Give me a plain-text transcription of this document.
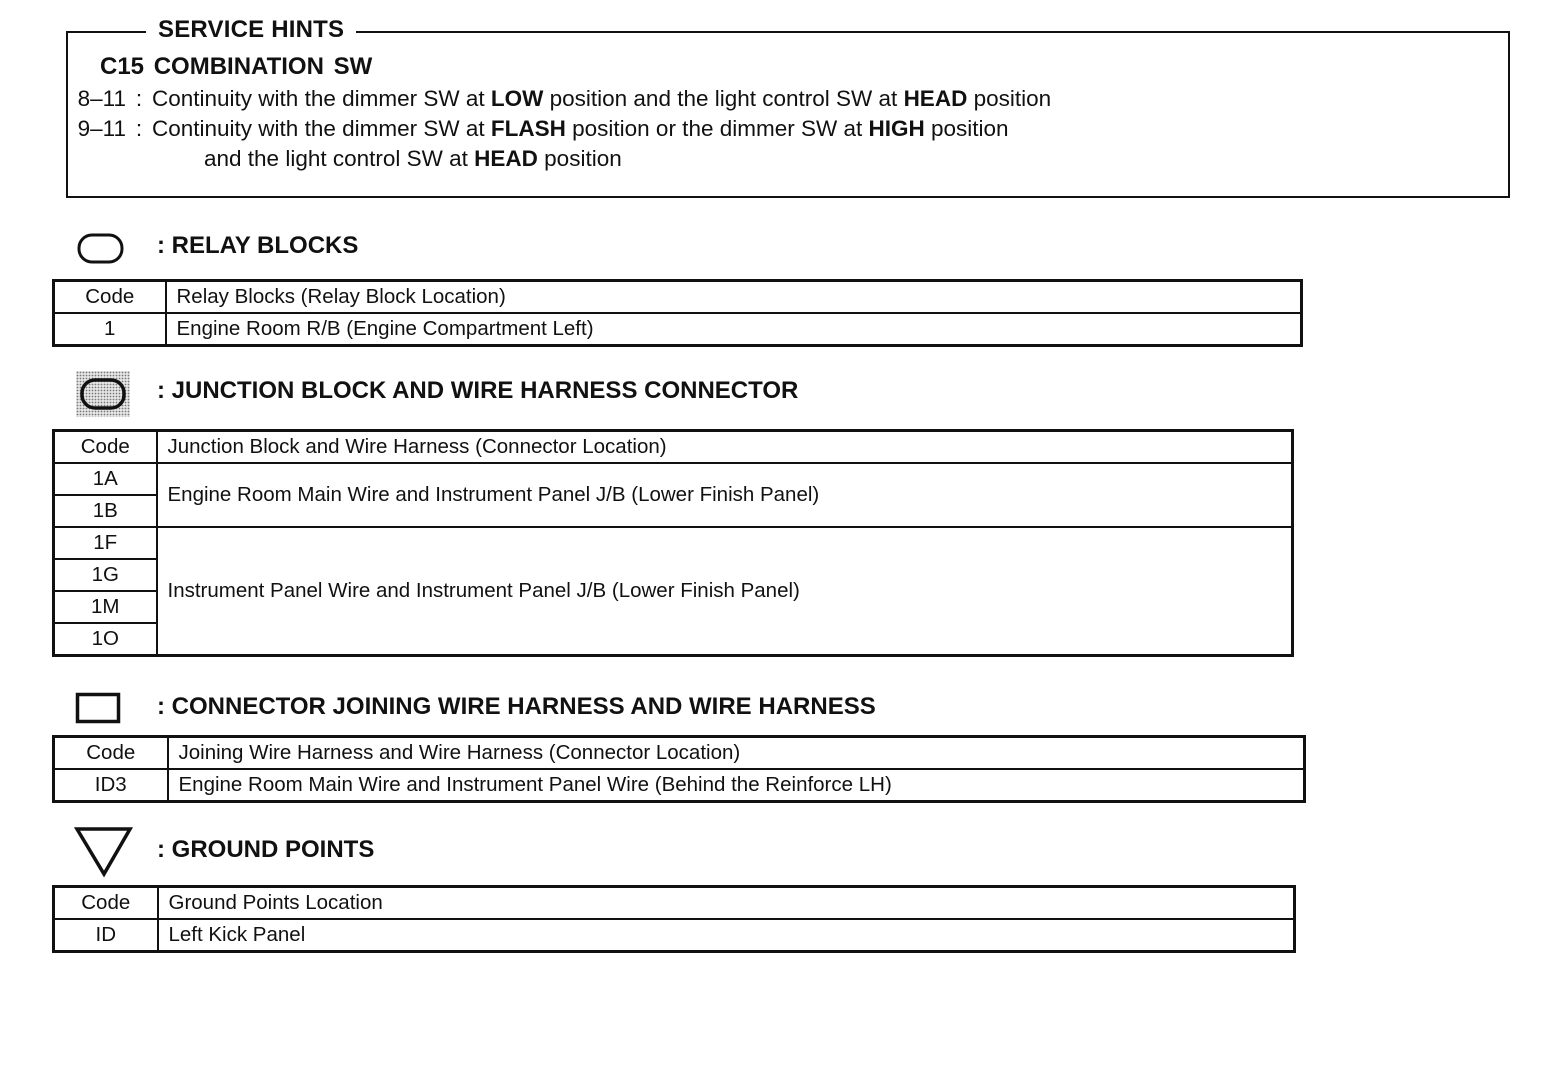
SERVICE HINTS
C15 COMBINATION SW
8–11 : Continuity with the dimmer SW at LOW position and the light control SW at HEAD position
9–11 : Continuity with the dimmer SW at FLASH position or the dimmer SW at HIGH position
and the light control SW at HEAD position
: RELAY BLOCKS
Code	Relay Blocks (Relay Block Location)
1	Engine Room R/B (Engine Compartment Left)
: JUNCTION BLOCK AND WIRE HARNESS CONNECTOR
Code	Junction Block and Wire Harness (Connector Location)
1A	Engine Room Main Wire and Instrument Panel J/B (Lower Finish Panel)
1B	
1F	Instrument Panel Wire and Instrument Panel J/B (Lower Finish Panel)
1G	
1M	
1O	
: CONNECTOR JOINING WIRE HARNESS AND WIRE HARNESS
Code	Joining Wire Harness and Wire Harness (Connector Location)
ID3	Engine Room Main Wire and Instrument Panel Wire (Behind the Reinforce LH)
: GROUND POINTS
Code	Ground Points Location
ID	Left Kick Panel
